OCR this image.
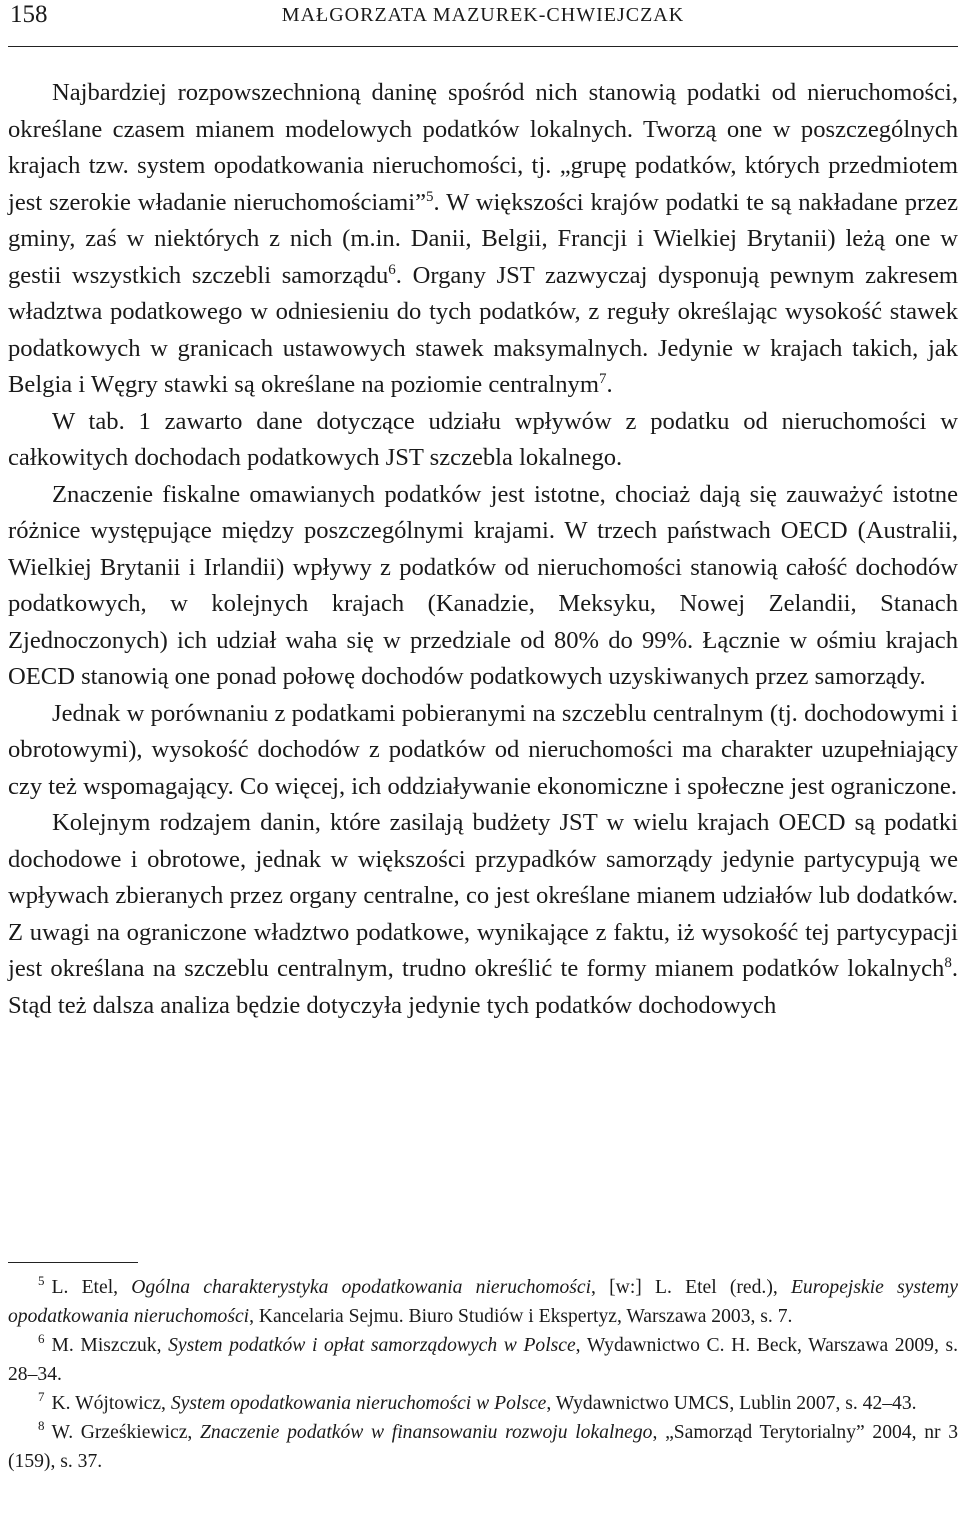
158	MAŁGORZATA MAZUREK-CHWIEJCZAK

Najbardziej rozpowszechnioną daninę spośród nich stanowią podatki od nieruchomości, określane czasem mianem modelowych podatków lokalnych. Tworzą one w poszczególnych krajach tzw. system opodatkowania nieruchomości, tj. „grupę podatków, których przedmiotem jest szerokie władanie nieruchomościami”$^5$. W większości krajów podatki te są nakładane przez gminy, zaś w niektórych z nich (m.in. Danii, Belgii, Francji i Wielkiej Brytanii) leżą one w gestii wszystkich szczebli samorządu$^6$. Organy JST zazwyczaj dysponują pewnym zakresem władztwa podatkowego w odniesieniu do tych podatków, z reguły określając wysokość stawek podatkowych w granicach ustawowych stawek maksymalnych. Jedynie w krajach takich, jak Belgia i Węgry stawki są określane na poziomie centralnym$^7$.

W tab. 1 zawarto dane dotyczące udziału wpływów z podatku od nieruchomości w całkowitych dochodach podatkowych JST szczebla lokalnego.

Znaczenie fiskalne omawianych podatków jest istotne, chociaż dają się zauważyć istotne różnice występujące między poszczególnymi krajami. W trzech państwach OECD (Australii, Wielkiej Brytanii i Irlandii) wpływy z podatków od nieruchomości stanowią całość dochodów podatkowych, w kolejnych krajach (Kanadzie, Meksyku, Nowej Zelandii, Stanach Zjednoczonych) ich udział waha się w przedziale od 80% do 99%. Łącznie w ośmiu krajach OECD stanowią one ponad połowę dochodów podatkowych uzyskiwanych przez samorządy.

Jednak w porównaniu z podatkami pobieranymi na szczeblu centralnym (tj. dochodowymi i obrotowymi), wysokość dochodów z podatków od nieruchomości ma charakter uzupełniający czy też wspomagający. Co więcej, ich oddziaływanie ekonomiczne i społeczne jest ograniczone.

Kolejnym rodzajem danin, które zasilają budżety JST w wielu krajach OECD są podatki dochodowe i obrotowe, jednak w większości przypadków samorządy jedynie partycypują we wpływach zbieranych przez organy centralne, co jest określane mianem udziałów lub dodatków. Z uwagi na ograniczone władztwo podatkowe, wynikające z faktu, iż wysokość tej partycypacji jest określana na szczeblu centralnym, trudno określić te formy mianem podatków lokalnych$^8$. Stąd też dalsza analiza będzie dotyczyła jedynie tych podatków dochodowych

$^5$ L. Etel, Ogólna charakterystyka opodatkowania nieruchomości, [w:] L. Etel (red.), Europejskie systemy opodatkowania nieruchomości, Kancelaria Sejmu. Biuro Studiów i Ekspertyz, Warszawa 2003, s. 7.

$^6$ M. Miszczuk, System podatków i opłat samorządowych w Polsce, Wydawnictwo C. H. Beck, Warszawa 2009, s. 28–34.

$^7$ K. Wójtowicz, System opodatkowania nieruchomości w Polsce, Wydawnictwo UMCS, Lublin 2007, s. 42–43.

$^8$ W. Grześkiewicz, Znaczenie podatków w finansowaniu rozwoju lokalnego, „Samorząd Terytorialny” 2004, nr 3 (159), s. 37.
